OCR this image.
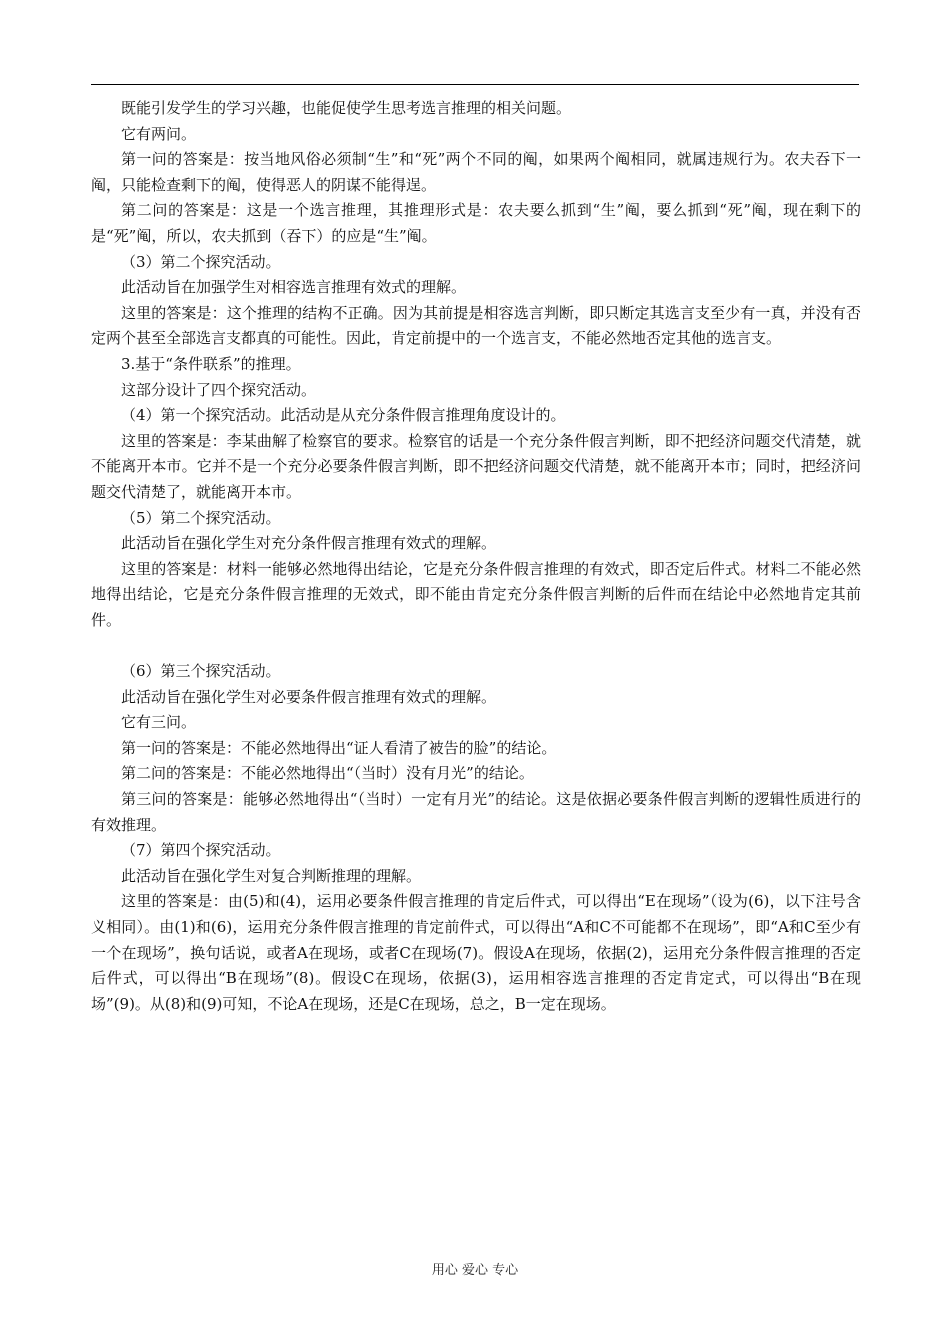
既能引发学生的学习兴趣，也能促使学生思考选言推理的相关问题。

它有两问。

第一问的答案是：按当地风俗必须制“生”和“死”两个不同的阄，如果两个阄相同，就属违规行为。农夫吞下一阄，只能检查剩下的阄，使得恶人的阴谋不能得逞。

第二问的答案是：这是一个选言推理，其推理形式是：农夫要么抓到“生”阄，要么抓到“死”阄，现在剩下的是“死”阄，所以，农夫抓到（吞下）的应是“生”阄。

（3）第二个探究活动。

此活动旨在加强学生对相容选言推理有效式的理解。

这里的答案是：这个推理的结构不正确。因为其前提是相容选言判断，即只断定其选言支至少有一真，并没有否定两个甚至全部选言支都真的可能性。因此，肯定前提中的一个选言支，不能必然地否定其他的选言支。

3.基于“条件联系”的推理。

这部分设计了四个探究活动。

（4）第一个探究活动。此活动是从充分条件假言推理角度设计的。

这里的答案是：李某曲解了检察官的要求。检察官的话是一个充分条件假言判断，即不把经济问题交代清楚，就不能离开本市。它并不是一个充分必要条件假言判断，即不把经济问题交代清楚，就不能离开本市；同时，把经济问题交代清楚了，就能离开本市。

（5）第二个探究活动。

此活动旨在强化学生对充分条件假言推理有效式的理解。

这里的答案是：材料一能够必然地得出结论，它是充分条件假言推理的有效式，即否定后件式。材料二不能必然地得出结论，它是充分条件假言推理的无效式，即不能由肯定充分条件假言判断的后件而在结论中必然地肯定其前件。

（6）第三个探究活动。

此活动旨在强化学生对必要条件假言推理有效式的理解。

它有三问。

第一问的答案是：不能必然地得出“证人看清了被告的脸”的结论。

第二问的答案是：不能必然地得出“（当时）没有月光”的结论。

第三问的答案是：能够必然地得出“（当时）一定有月光”的结论。这是依据必要条件假言判断的逻辑性质进行的有效推理。

（7）第四个探究活动。

此活动旨在强化学生对复合判断推理的理解。

这里的答案是：由(5)和(4)，运用必要条件假言推理的肯定后件式，可以得出“E在现场”（设为(6)，以下注号含义相同）。由(1)和(6)，运用充分条件假言推理的肯定前件式，可以得出“A和C不可能都不在现场”，即“A和C至少有一个在现场”，换句话说，或者A在现场，或者C在现场(7)。假设A在现场，依据(2)，运用充分条件假言推理的否定后件式，可以得出“B在现场”(8)。假设C在现场，依据(3)，运用相容选言推理的否定肯定式，可以得出“B在现场”(9)。从(8)和(9)可知，不论A在现场，还是C在现场，总之，B一定在现场。

用心 爱心 专心
